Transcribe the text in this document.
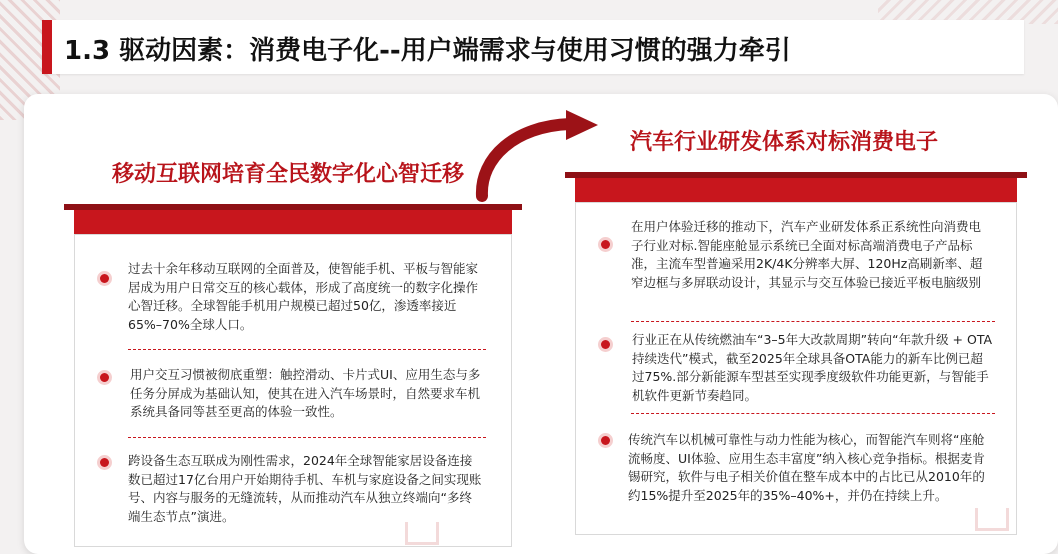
1.3 驱动因素：消费电子化--用户端需求与使用习惯的强力牵引
移动互联网培育全民数字化心智迁移
汽车行业研发体系对标消费电子
过去十余年移动互联网的全面普及，使智能手机、平板与智能家居成为用户日常交互的核心载体，形成了高度统一的数字化操作心智迁移。全球智能手机用户规模已超过50亿，渗透率接近65%–70%全球人口。
用户交互习惯被彻底重塑：触控滑动、卡片式UI、应用生态与多任务分屏成为基础认知，使其在进入汽车场景时，自然要求车机系统具备同等甚至更高的体验一致性。
跨设备生态互联成为刚性需求，2024年全球智能家居设备连接数已超过17亿台用户开始期待手机、车机与家庭设备之间实现账号、内容与服务的无缝流转，从而推动汽车从独立终端向“多终端生态节点”演进。
在用户体验迁移的推动下，汽车产业研发体系正系统性向消费电子行业对标.智能座舱显示系统已全面对标高端消费电子产品标准，主流车型普遍采用2K/4K分辨率大屏、120Hz高刷新率、超窄边框与多屏联动设计，其显示与交互体验已接近平板电脑级别
行业正在从传统燃油车“3–5年大改款周期”转向“年款升级 + OTA持续迭代”模式，截至2025年全球具备OTA能力的新车比例已超过75%.部分新能源车型甚至实现季度级软件功能更新，与智能手机软件更新节奏趋同。
传统汽车以机械可靠性与动力性能为核心，而智能汽车则将“座舱流畅度、UI体验、应用生态丰富度”纳入核心竞争指标。根据麦肯锡研究，软件与电子相关价值在整车成本中的占比已从2010年的约15%提升至2025年的35%–40%+，并仍在持续上升。
